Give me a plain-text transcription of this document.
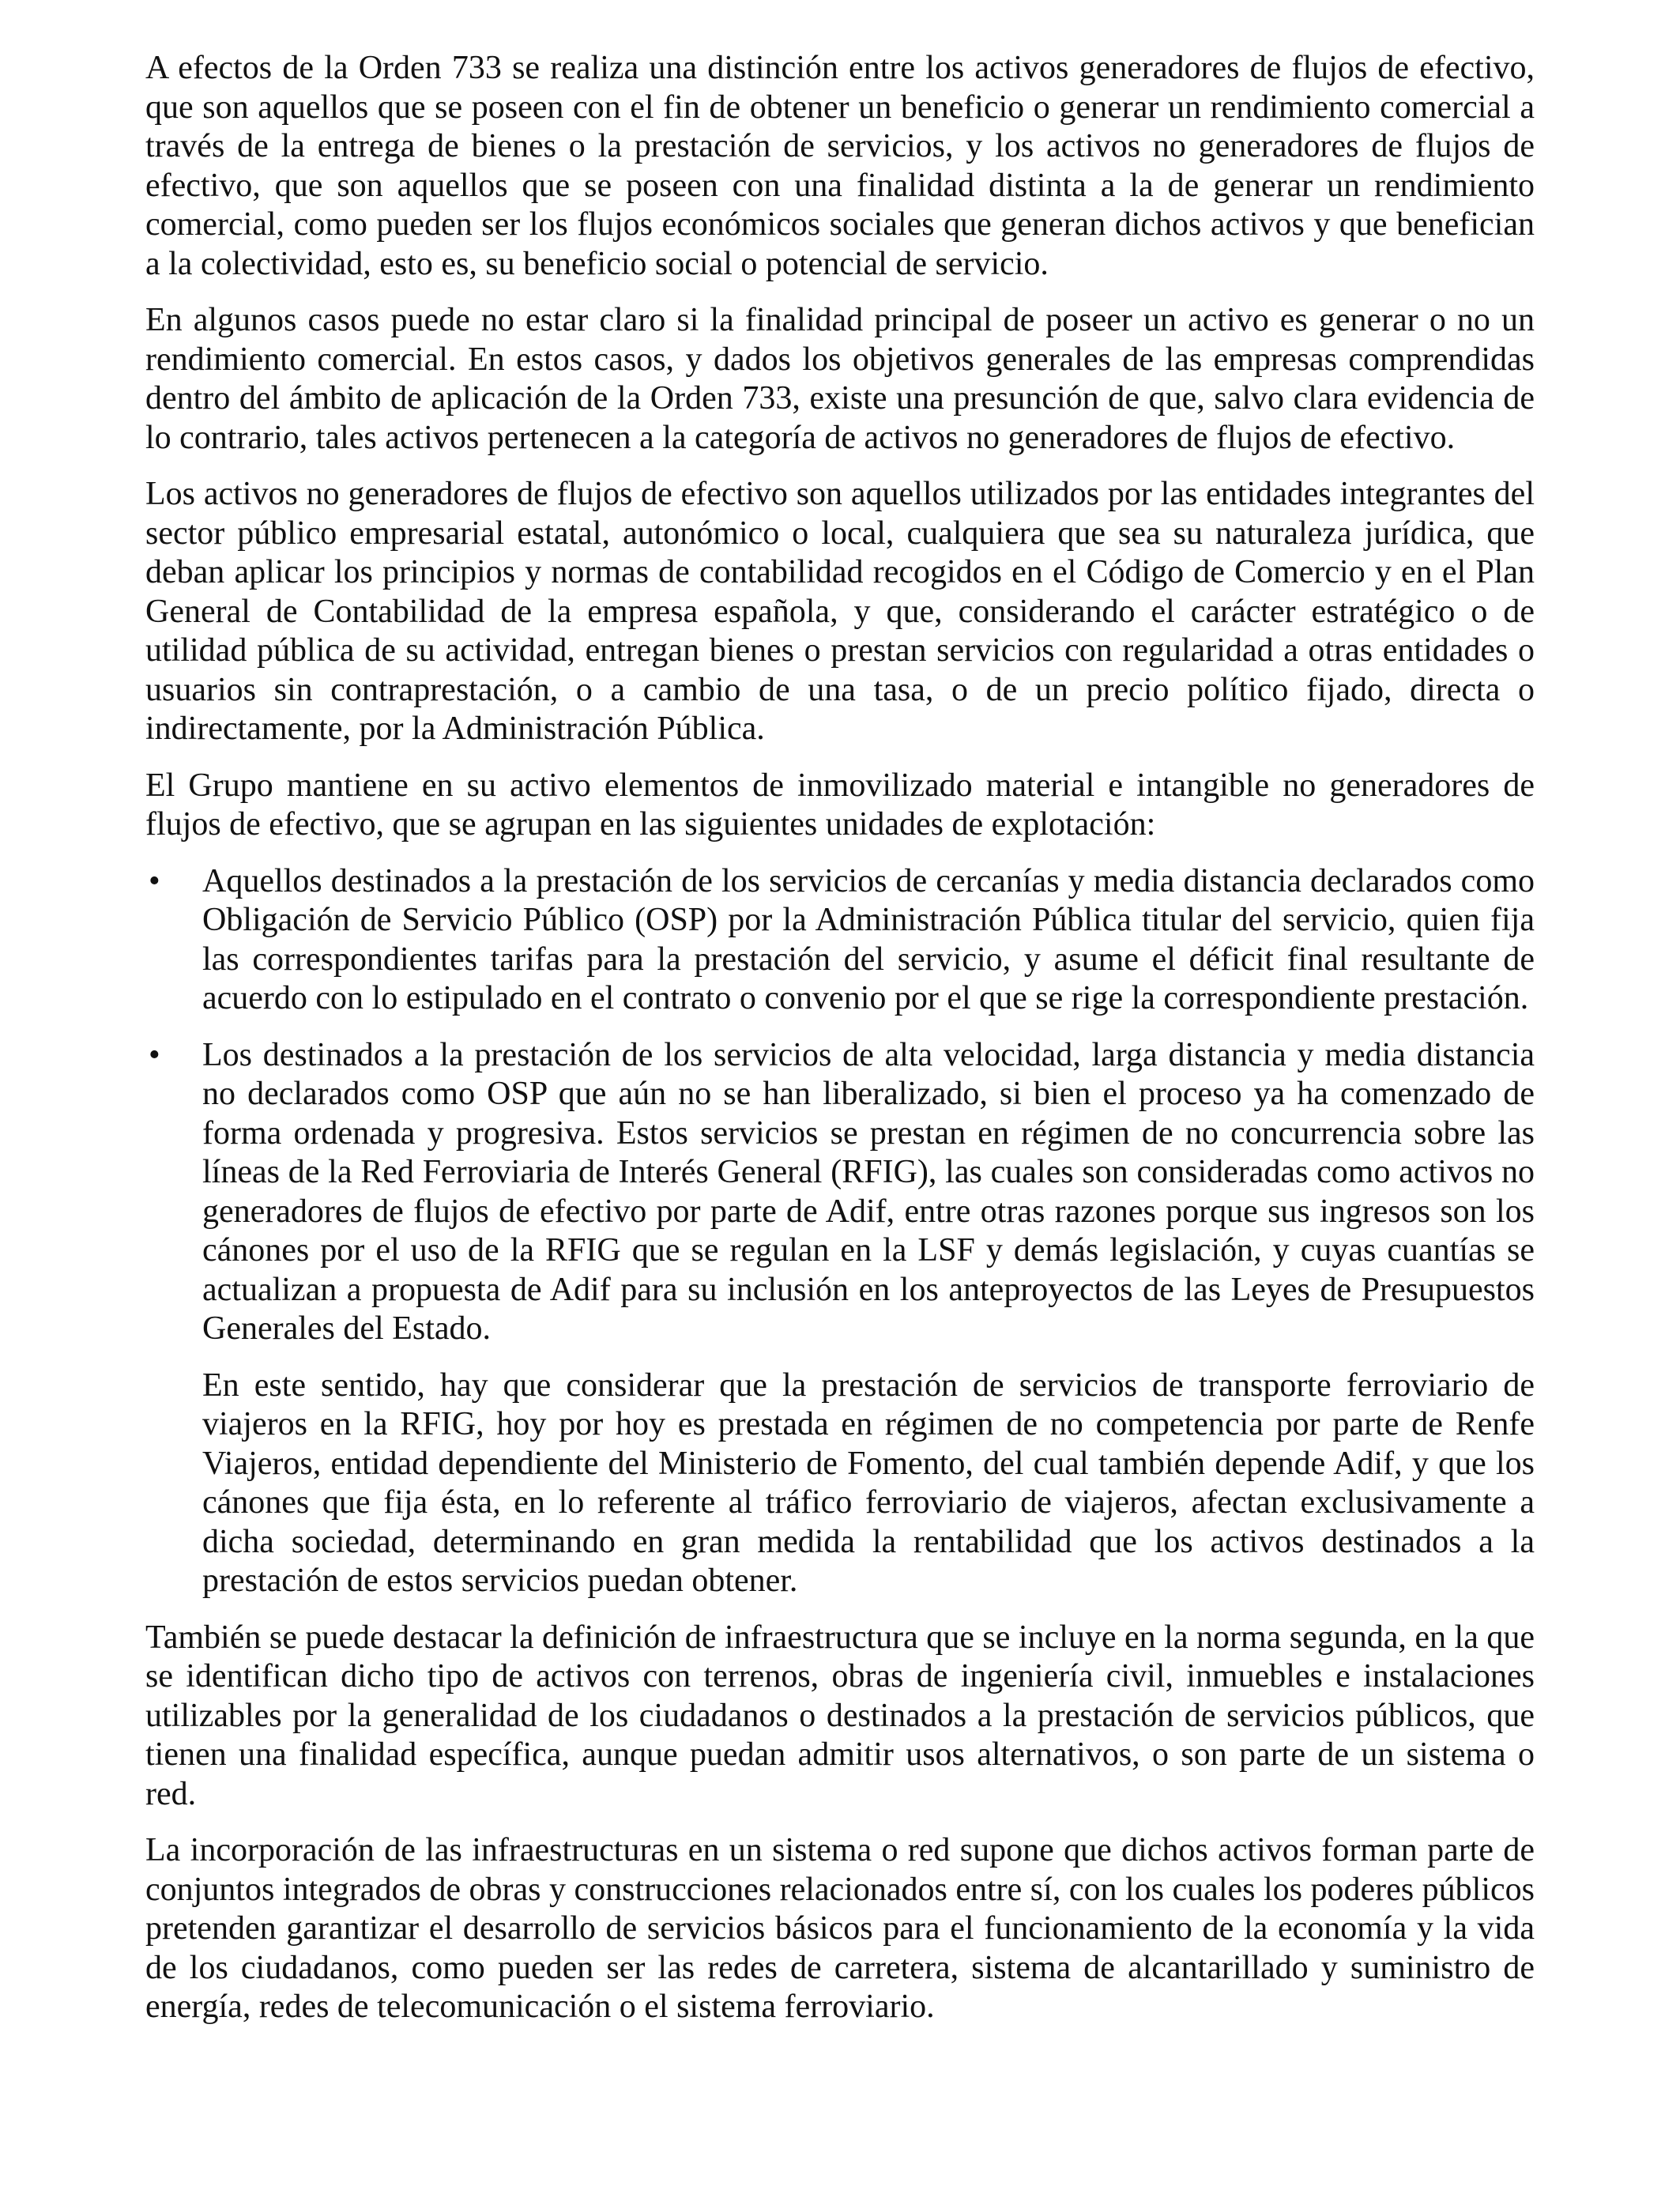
A efectos de la Orden 733 se realiza una distinción entre los activos generadores de flujos de efectivo, que son aquellos que se poseen con el fin de obtener un beneficio o generar un rendimiento comercial a través de la entrega de bienes o la prestación de servicios, y los activos no generadores de flujos de efectivo, que son aquellos que se poseen con una finalidad distinta a la de generar un rendimiento comercial, como pueden ser los flujos económicos sociales que generan dichos activos y que benefician a la colectividad, esto es, su beneficio social o potencial de servicio.

En algunos casos puede no estar claro si la finalidad principal de poseer un activo es generar o no un rendimiento comercial. En estos casos, y dados los objetivos generales de las empresas comprendidas dentro del ámbito de aplicación de la Orden 733, existe una presunción de que, salvo clara evidencia de lo contrario, tales activos pertenecen a la categoría de activos no generadores de flujos de efectivo.

Los activos no generadores de flujos de efectivo son aquellos utilizados por las entidades integrantes del sector público empresarial estatal, autonómico o local, cualquiera que sea su naturaleza jurídica, que deban aplicar los principios y normas de contabilidad recogidos en el Código de Comercio y en el Plan General de Contabilidad de la empresa española, y que, considerando el carácter estratégico o de utilidad pública de su actividad, entregan bienes o prestan servicios con regularidad a otras entidades o usuarios sin contraprestación, o a cambio de una tasa, o de un precio político fijado, directa o indirectamente, por la Administración Pública.

El Grupo mantiene en su activo elementos de inmovilizado material e intangible no generadores de flujos de efectivo, que se agrupan en las siguientes unidades de explotación:

• Aquellos destinados a la prestación de los servicios de cercanías y media distancia declarados como Obligación de Servicio Público (OSP) por la Administración Pública titular del servicio, quien fija las correspondientes tarifas para la prestación del servicio, y asume el déficit final resultante de acuerdo con lo estipulado en el contrato o convenio por el que se rige la correspondiente prestación.
• Los destinados a la prestación de los servicios de alta velocidad, larga distancia y media distancia no declarados como OSP que aún no se han liberalizado, si bien el proceso ya ha comenzado de forma ordenada y progresiva. Estos servicios se prestan en régimen de no concurrencia sobre las líneas de la Red Ferroviaria de Interés General (RFIG), las cuales son consideradas como activos no generadores de flujos de efectivo por parte de Adif, entre otras razones porque sus ingresos son los cánones por el uso de la RFIG que se regulan en la LSF y demás legislación, y cuyas cuantías se actualizan a propuesta de Adif para su inclusión en los anteproyectos de las Leyes de Presupuestos Generales del Estado.

En este sentido, hay que considerar que la prestación de servicios de transporte ferroviario de viajeros en la RFIG, hoy por hoy es prestada en régimen de no competencia por parte de Renfe Viajeros, entidad dependiente del Ministerio de Fomento, del cual también depende Adif, y que los cánones que fija ésta, en lo referente al tráfico ferroviario de viajeros, afectan exclusivamente a dicha sociedad, determinando en gran medida la rentabilidad que los activos destinados a la prestación de estos servicios puedan obtener.

También se puede destacar la definición de infraestructura que se incluye en la norma segunda, en la que se identifican dicho tipo de activos con terrenos, obras de ingeniería civil, inmuebles e instalaciones utilizables por la generalidad de los ciudadanos o destinados a la prestación de servicios públicos, que tienen una finalidad específica, aunque puedan admitir usos alternativos, o son parte de un sistema o red.

La incorporación de las infraestructuras en un sistema o red supone que dichos activos forman parte de conjuntos integrados de obras y construcciones relacionados entre sí, con los cuales los poderes públicos pretenden garantizar el desarrollo de servicios básicos para el funcionamiento de la economía y la vida de los ciudadanos, como pueden ser las redes de carretera, sistema de alcantarillado y suministro de energía, redes de telecomunicación o el sistema ferroviario.
